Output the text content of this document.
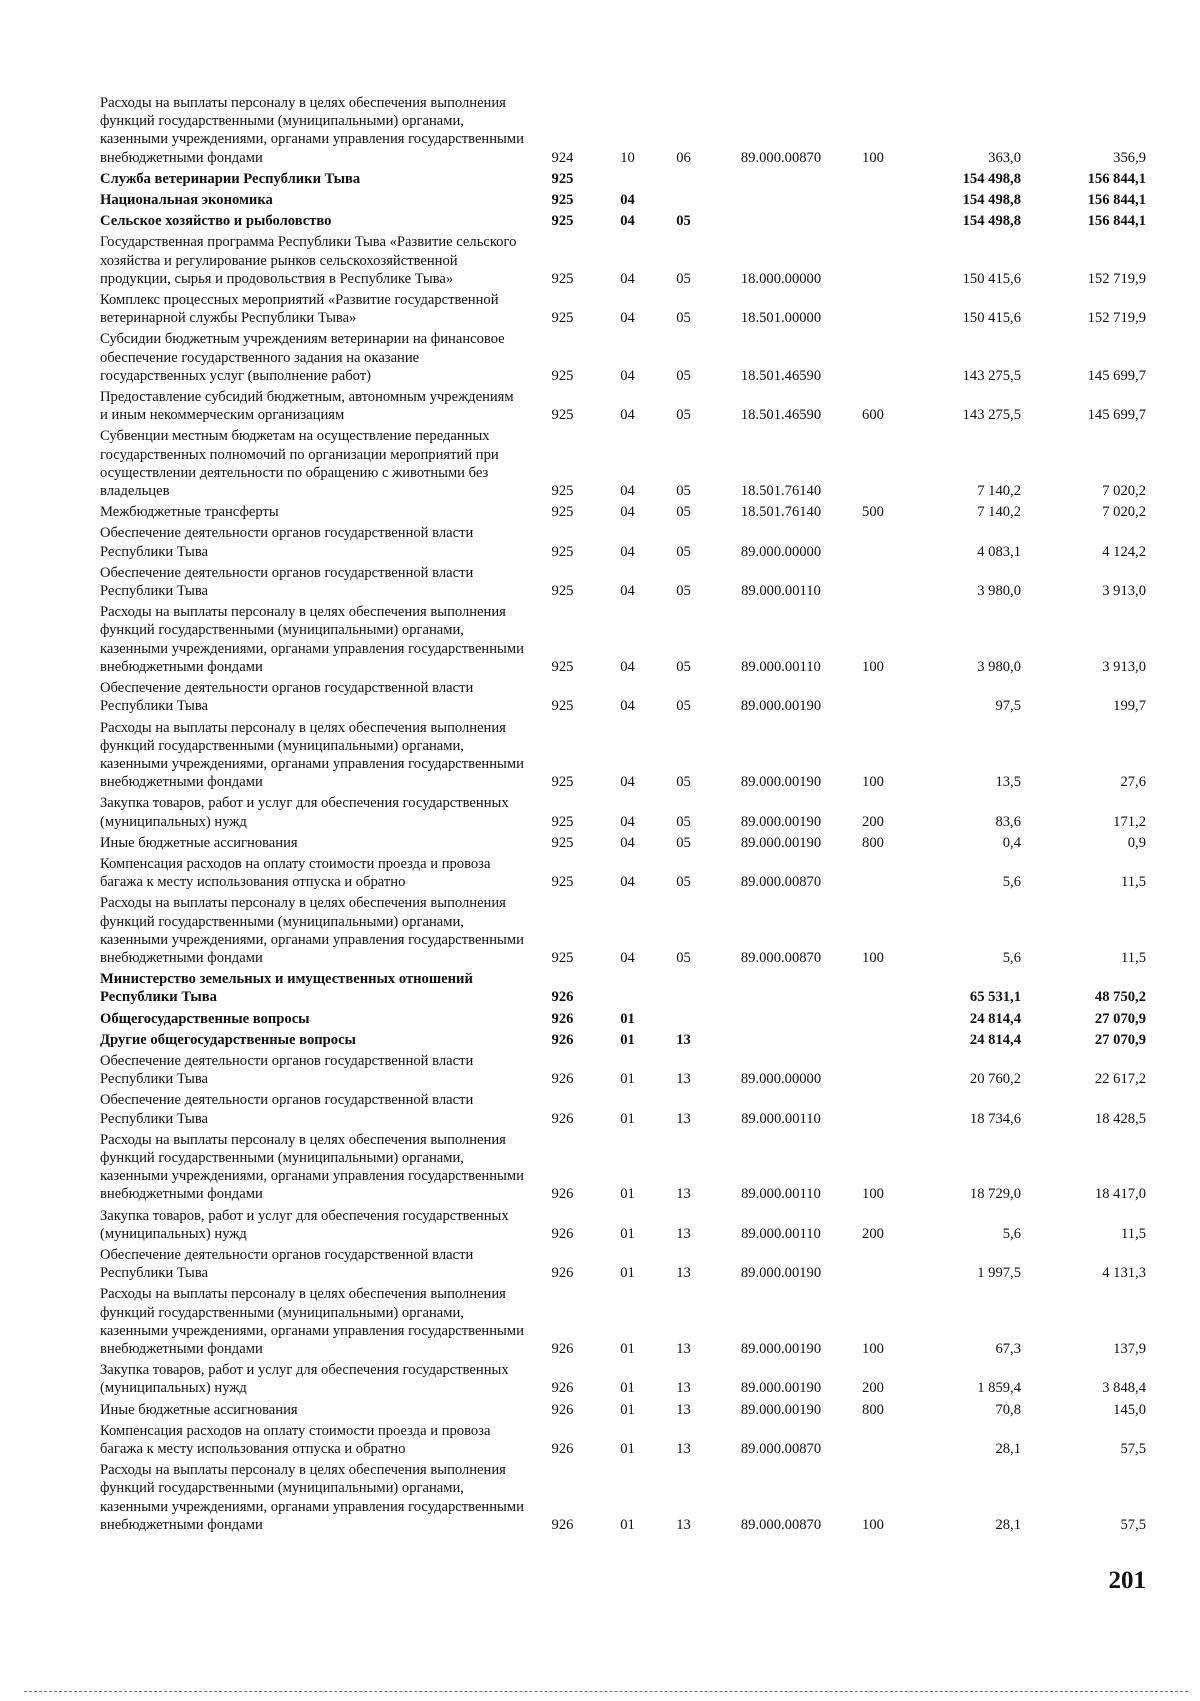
Расходы на выплаты персоналу в целях обеспечения выполнения функций государственными (муниципальными) органами, казенными учреждениями, органами управления государственными внебюджетными фондами	924	10	06	89.000.00870	100	363,0	356,9
Служба ветеринарии Республики Тыва	925					154 498,8	156 844,1
Национальная экономика	925	04				154 498,8	156 844,1
Сельское хозяйство и рыболовство	925	04	05			154 498,8	156 844,1
Государственная программа Республики Тыва «Развитие сельского хозяйства и регулирование рынков сельскохозяйственной продукции, сырья и продовольствия в Республике Тыва»	925	04	05	18.000.00000		150 415,6	152 719,9
Комплекс процессных мероприятий «Развитие государственной ветеринарной службы Республики Тыва»	925	04	05	18.501.00000		150 415,6	152 719,9
Субсидии бюджетным учреждениям ветеринарии на финансовое обеспечение государственного задания на оказание государственных услуг (выполнение работ)	925	04	05	18.501.46590		143 275,5	145 699,7
Предоставление субсидий бюджетным, автономным учреждениям и иным некоммерческим организациям	925	04	05	18.501.46590	600	143 275,5	145 699,7
Субвенции местным бюджетам на осуществление переданных государственных полномочий по организации мероприятий при осуществлении деятельности по обращению с животными без владельцев	925	04	05	18.501.76140		7 140,2	7 020,2
Межбюджетные трансферты	925	04	05	18.501.76140	500	7 140,2	7 020,2
Обеспечение деятельности органов государственной власти Республики Тыва	925	04	05	89.000.00000		4 083,1	4 124,2
Обеспечение деятельности органов государственной власти Республики Тыва	925	04	05	89.000.00110		3 980,0	3 913,0
Расходы на выплаты персоналу в целях обеспечения выполнения функций государственными (муниципальными) органами, казенными учреждениями, органами управления государственными внебюджетными фондами	925	04	05	89.000.00110	100	3 980,0	3 913,0
Обеспечение деятельности органов государственной власти Республики Тыва	925	04	05	89.000.00190		97,5	199,7
Расходы на выплаты персоналу в целях обеспечения выполнения функций государственными (муниципальными) органами, казенными учреждениями, органами управления государственными внебюджетными фондами	925	04	05	89.000.00190	100	13,5	27,6
Закупка товаров, работ и услуг для обеспечения государственных (муниципальных) нужд	925	04	05	89.000.00190	200	83,6	171,2
Иные бюджетные ассигнования	925	04	05	89.000.00190	800	0,4	0,9
Компенсация расходов на оплату стоимости проезда и провоза багажа к месту использования отпуска и обратно	925	04	05	89.000.00870		5,6	11,5
Расходы на выплаты персоналу в целях обеспечения выполнения функций государственными (муниципальными) органами, казенными учреждениями, органами управления государственными внебюджетными фондами	925	04	05	89.000.00870	100	5,6	11,5
Министерство земельных и имущественных отношений Республики Тыва	926					65 531,1	48 750,2
Общегосударственные вопросы	926	01				24 814,4	27 070,9
Другие общегосударственные вопросы	926	01	13			24 814,4	27 070,9
Обеспечение деятельности органов государственной власти Республики Тыва	926	01	13	89.000.00000		20 760,2	22 617,2
Обеспечение деятельности органов государственной власти Республики Тыва	926	01	13	89.000.00110		18 734,6	18 428,5
Расходы на выплаты персоналу в целях обеспечения выполнения функций государственными (муниципальными) органами, казенными учреждениями, органами управления государственными внебюджетными фондами	926	01	13	89.000.00110	100	18 729,0	18 417,0
Закупка товаров, работ и услуг для обеспечения государственных (муниципальных) нужд	926	01	13	89.000.00110	200	5,6	11,5
Обеспечение деятельности органов государственной власти Республики Тыва	926	01	13	89.000.00190		1 997,5	4 131,3
Расходы на выплаты персоналу в целях обеспечения выполнения функций государственными (муниципальными) органами, казенными учреждениями, органами управления государственными внебюджетными фондами	926	01	13	89.000.00190	100	67,3	137,9
Закупка товаров, работ и услуг для обеспечения государственных (муниципальных) нужд	926	01	13	89.000.00190	200	1 859,4	3 848,4
Иные бюджетные ассигнования	926	01	13	89.000.00190	800	70,8	145,0
Компенсация расходов на оплату стоимости проезда и провоза багажа к месту использования отпуска и обратно	926	01	13	89.000.00870		28,1	57,5
Расходы на выплаты персоналу в целях обеспечения выполнения функций государственными (муниципальными) органами, казенными учреждениями, органами управления государственными внебюджетными фондами	926	01	13	89.000.00870	100	28,1	57,5
201
